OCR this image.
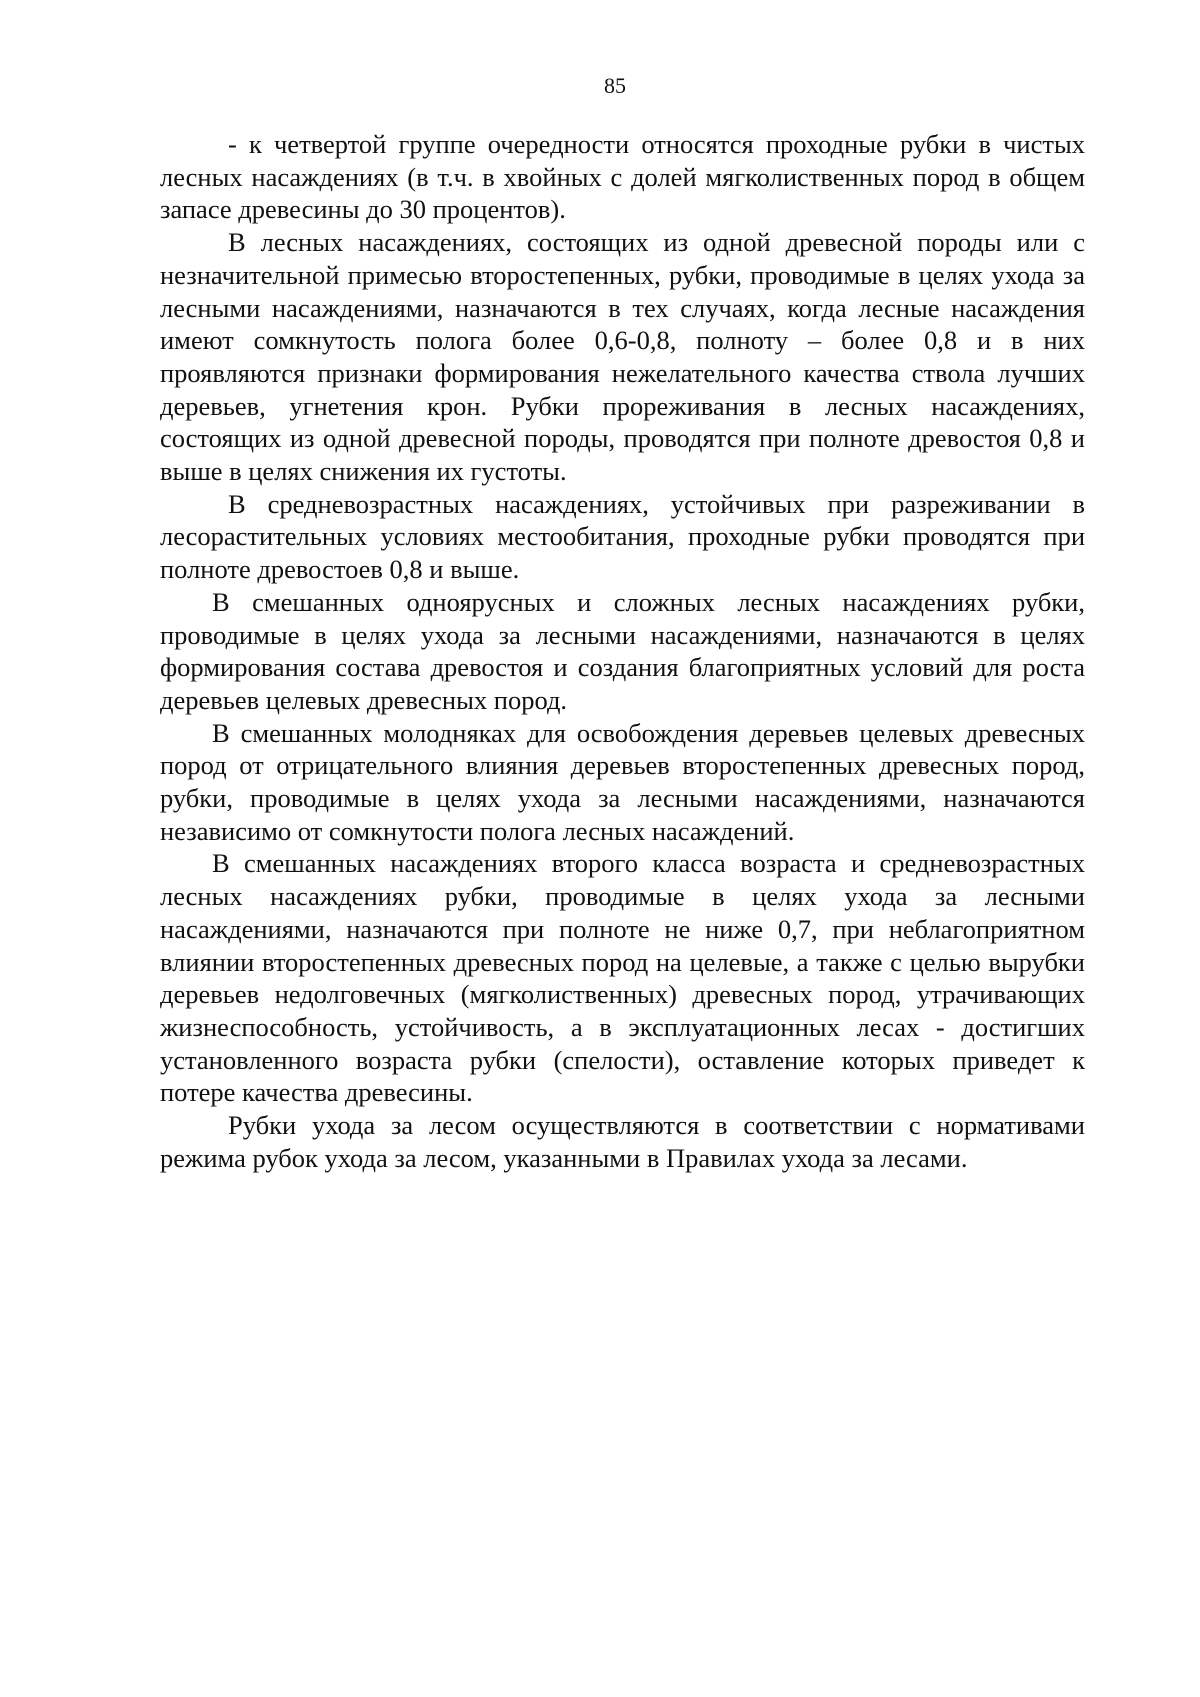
85

- к четвертой группе очередности относятся проходные рубки в чистых лесных насаждениях (в т.ч. в хвойных с долей мягколиственных пород в общем запасе древесины до 30 процентов).

В лесных насаждениях, состоящих из одной древесной породы или с незначительной примесью второстепенных, рубки, проводимые в целях ухода за лесными насаждениями, назначаются в тех случаях, когда лесные насаждения имеют сомкнутость полога более 0,6-0,8, полноту – более 0,8 и в них проявляются признаки формирования нежелательного качества ствола лучших деревьев, угнетения крон. Рубки прореживания в лесных насаждениях, состоящих из одной древесной породы, проводятся при полноте древостоя 0,8 и выше в целях снижения их густоты.

В средневозрастных насаждениях, устойчивых при разреживании в лесорастительных условиях местообитания, проходные рубки проводятся при полноте древостоев 0,8 и выше.

В смешанных одноярусных и сложных лесных насаждениях рубки, проводимые в целях ухода за лесными насаждениями, назначаются в целях формирования состава древостоя и создания благоприятных условий для роста деревьев целевых древесных пород.

В смешанных молодняках для освобождения деревьев целевых древесных пород от отрицательного влияния деревьев второстепенных древесных пород, рубки, проводимые в целях ухода за лесными насаждениями, назначаются независимо от сомкнутости полога лесных насаждений.

В смешанных насаждениях второго класса возраста и средневозрастных лесных насаждениях рубки, проводимые в целях ухода за лесными насаждениями, назначаются при полноте не ниже 0,7, при неблагоприятном влиянии второстепенных древесных пород на целевые, а также с целью вырубки деревьев недолговечных (мягколиственных) древесных пород, утрачивающих жизнеспособность, устойчивость, а в эксплуатационных лесах - достигших установленного возраста рубки (спелости), оставление которых приведет к потере качества древесины.

Рубки ухода за лесом осуществляются в соответствии с нормативами режима рубок ухода за лесом, указанными в Правилах ухода за лесами.
